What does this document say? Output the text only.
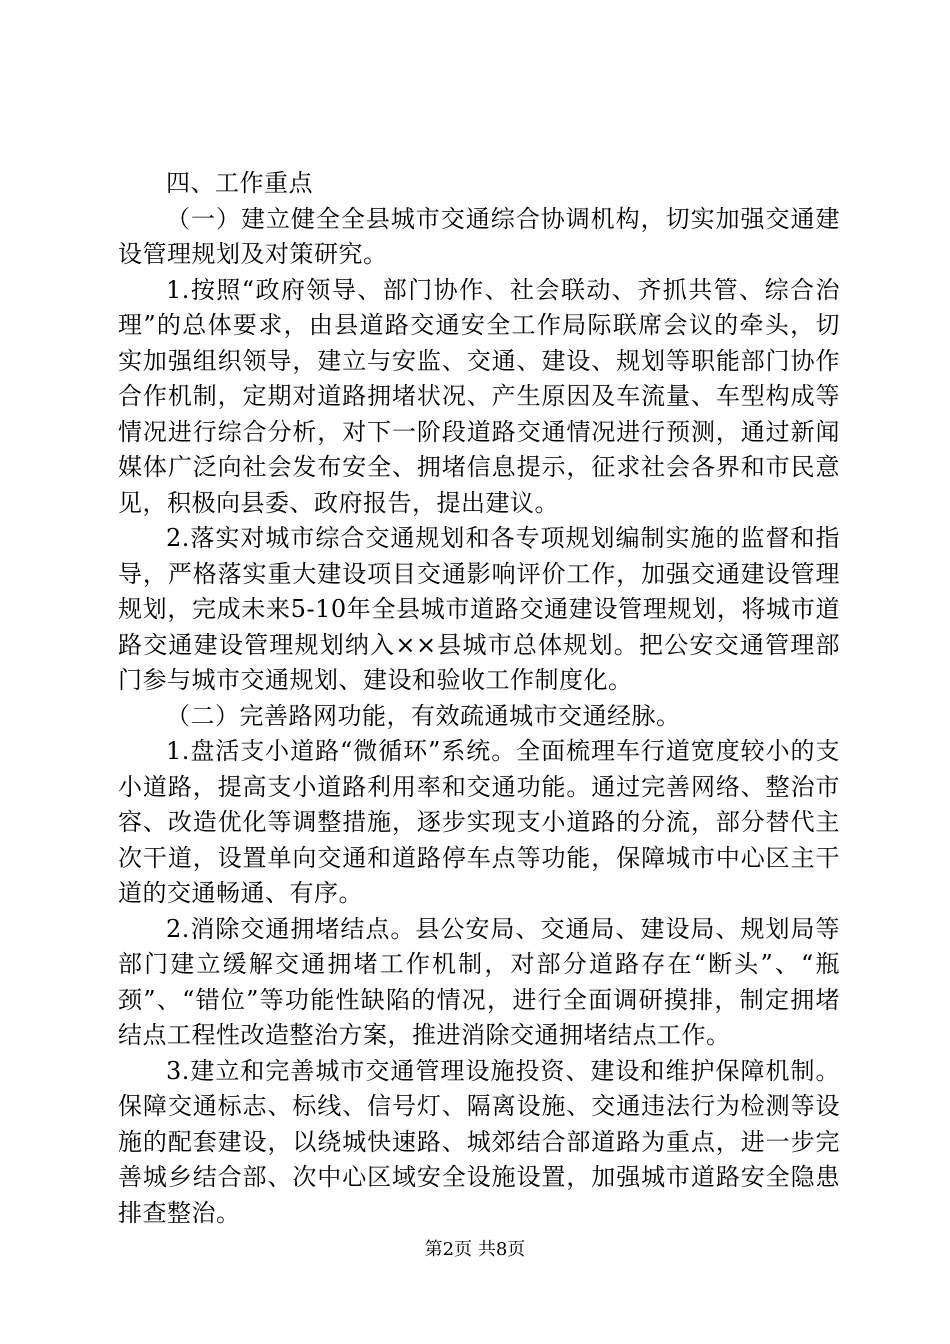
四、工作重点

（一）建立健全全县城市交通综合协调机构，切实加强交通建设管理规划及对策研究。

1.按照“政府领导、部门协作、社会联动、齐抓共管、综合治理”的总体要求，由县道路交通安全工作局际联席会议的牵头，切实加强组织领导，建立与安监、交通、建设、规划等职能部门协作合作机制，定期对道路拥堵状况、产生原因及车流量、车型构成等情况进行综合分析，对下一阶段道路交通情况进行预测，通过新闻媒体广泛向社会发布安全、拥堵信息提示，征求社会各界和市民意见，积极向县委、政府报告，提出建议。

2.落实对城市综合交通规划和各专项规划编制实施的监督和指导，严格落实重大建设项目交通影响评价工作，加强交通建设管理规划，完成未来5-10年全县城市道路交通建设管理规划，将城市道路交通建设管理规划纳入××县城市总体规划。把公安交通管理部门参与城市交通规划、建设和验收工作制度化。

（二）完善路网功能，有效疏通城市交通经脉。

1.盘活支小道路“微循环”系统。全面梳理车行道宽度较小的支小道路，提高支小道路利用率和交通功能。通过完善网络、整治市容、改造优化等调整措施，逐步实现支小道路的分流，部分替代主次干道，设置单向交通和道路停车点等功能，保障城市中心区主干道的交通畅通、有序。

2.消除交通拥堵结点。县公安局、交通局、建设局、规划局等部门建立缓解交通拥堵工作机制，对部分道路存在“断头”、“瓶颈”、“错位”等功能性缺陷的情况，进行全面调研摸排，制定拥堵结点工程性改造整治方案，推进消除交通拥堵结点工作。

3.建立和完善城市交通管理设施投资、建设和维护保障机制。保障交通标志、标线、信号灯、隔离设施、交通违法行为检测等设施的配套建设，以绕城快速路、城郊结合部道路为重点，进一步完善城乡结合部、次中心区域安全设施设置，加强城市道路安全隐患排查整治。

第2页 共8页
